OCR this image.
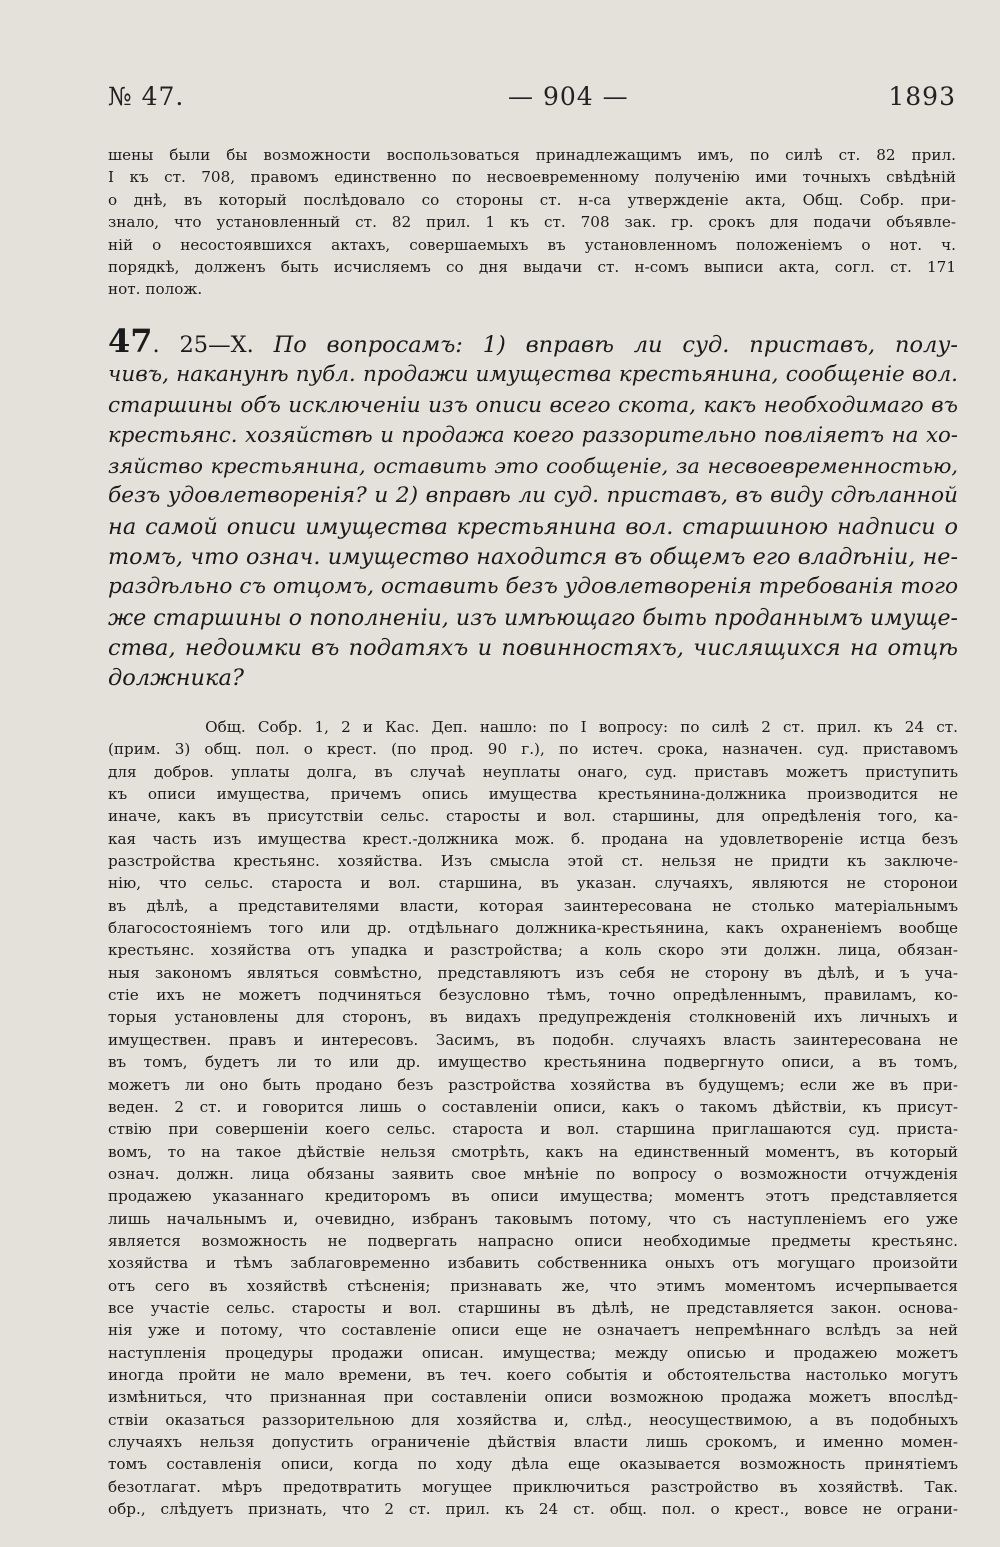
№ 47.	— 904 —	1893
шены были бы возможности воспользоваться принадлежащимъ имъ, по силѣ ст. 82 прил.
I къ ст. 708, правомъ единственно по несвоевременному полученiю ими точныхъ свѣдѣнiй
о днѣ, въ который послѣдовало со стороны ст. н-са утвержденiе акта, Общ. Собр. при-
знало, что установленный ст. 82 прил. 1 къ ст. 708 зак. гр. срокъ для подачи объявле-
нiй о несостоявшихся актахъ, совершаемыхъ въ установленномъ положенiемъ о нот. ч.
порядкѣ, долженъ быть исчисляемъ со дня выдачи ст. н-сомъ выписи акта, согл. ст. 171
нот. полож.
47. 25—X. По вопросамъ: 1) вправѣ ли суд. приставъ, полу-
чивъ, наканунѣ публ. продажи имущества крестьянина, сообщенiе вол.
старшины объ исключенiи изъ описи всего скота, какъ необходимаго въ
крестьянс. хозяйствѣ и продажа коего раззорительно повлiяетъ на хо-
зяйство крестьянина, оставить это сообщенiе, за несвоевременностью,
безъ удовлетворенiя? и 2) вправѣ ли суд. приставъ, въ виду сдѣланной
на самой описи имущества крестьянина вол. старшиною надписи о
томъ, что означ. имущество находится въ общемъ его владѣнiи, не-
раздѣльно съ отцомъ, оставить безъ удовлетворенiя требованiя того
же старшины о пополненiи, изъ имѣющаго быть проданнымъ имуще-
ства, недоимки въ податяхъ и повинностяхъ, числящихся на отцѣ
должника?
Общ. Собр. 1, 2 и Кас. Деп. нашло: по I вопросу: по силѣ 2 ст. прил. къ 24 ст.
(прим. 3) общ. пол. о крест. (по прод. 90 г.), по истеч. срока, назначен. суд. приставомъ
для добров. уплаты долга, въ случаѣ неуплаты онаго, суд. приставъ можетъ приступить
къ описи имущества, причемъ опись имущества крестьянина-должника производится не
иначе, какъ въ присутствiи сельс. старосты и вол. старшины, для опредѣленiя того, ка-
кая часть изъ имущества крест.-должника мож. б. продана на удовлетворенiе истца безъ
разстройства крестьянс. хозяйства. Изъ смысла этой ст. нельзя не придти къ заключе-
нiю, что сельс. староста и вол. старшина, въ указан. случаяхъ, являются не сторонои
въ дѣлѣ, а представителями власти, которая заинтересована не столько матерiальнымъ
благосостоянiемъ того или др. отдѣльнаго должника-крестьянина, какъ охраненiемъ вообще
крестьянс. хозяйства отъ упадка и разстройства; а коль скоро эти должн. лица, обязан-
ныя закономъ являться совмѣстно, представляютъ изъ себя не сторону въ дѣлѣ, и ъ уча-
стiе ихъ не можетъ подчиняться безусловно тѣмъ, точно опредѣленнымъ, правиламъ, ко-
торыя установлены для сторонъ, въ видахъ предупрежденiя столкновенiй ихъ личныхъ и
имуществен. правъ и интересовъ. Засимъ, въ подобн. случаяхъ власть заинтересована не
въ томъ, будетъ ли то или др. имущество крестьянина подвергнуто описи, а въ томъ,
можетъ ли оно быть продано безъ разстройства хозяйства въ будущемъ; если же въ при-
веден. 2 ст. и говорится лишь о составленiи описи, какъ о такомъ дѣйствiи, къ присут-
ствiю при совершенiи коего сельс. староста и вол. старшина приглашаются суд. приста-
вомъ, то на такое дѣйствiе нельзя смотрѣть, какъ на единственный моментъ, въ который
означ. должн. лица обязаны заявить свое мнѣнiе по вопросу о возможности отчужденiя
продажею указаннаго кредиторомъ въ описи имущества; моментъ этотъ представляется
лишь начальнымъ и, очевидно, избранъ таковымъ потому, что съ наступленiемъ его уже
является возможность не подвергать напрасно описи необходимые предметы крестьянс.
хозяйства и тѣмъ заблаговременно избавить собственника оныхъ отъ могущаго произойти
отъ сего въ хозяйствѣ стѣсненiя; признавать же, что этимъ моментомъ исчерпывается
все участiе сельс. старосты и вол. старшины въ дѣлѣ, не представляется закон. основа-
нiя уже и потому, что составленiе описи еще не означаетъ непремѣннаго вслѣдъ за ней
наступленiя процедуры продажи описан. имущества; между описью и продажею можетъ
иногда пройти не мало времени, въ теч. коего событiя и обстоятельства настолько могутъ
измѣниться, что признанная при составленiи описи возможною продажа можетъ впослѣд-
ствiи оказаться раззорительною для хозяйства и, слѣд., неосуществимою, а въ подобныхъ
случаяхъ нельзя допустить ограниченiе дѣйствiя власти лишь срокомъ, и именно момен-
томъ составленiя описи, когда по ходу дѣла еще оказывается возможность принятiемъ
безотлагат. мѣръ предотвратить могущее приключиться разстройство въ хозяйствѣ. Так.
обр., слѣдуетъ признать, что 2 ст. прил. къ 24 ст. общ. пол. о крест., вовсе не ограни-
